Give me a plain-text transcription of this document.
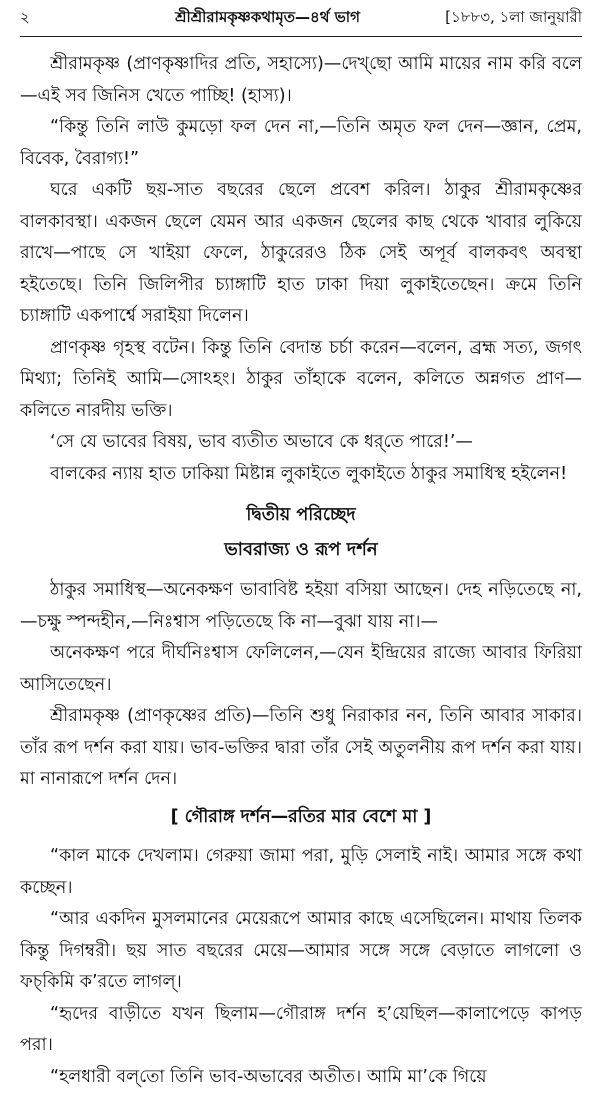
২	শ্রীশ্রীরামকৃষ্ণকথামৃত—৪র্থ ভাগ	[১৮৮৩, ১লা জানুয়ারী

শ্রীরামকৃষ্ণ (প্রাণকৃষ্ণাদির প্রতি, সহাস্যে)—দেখ্‌ছো আমি মায়ের নাম করি বলে—এই সব জিনিস খেতে পাচ্ছি! (হাস্য)।

“কিন্তু তিনি লাউ কুমড়ো ফল দেন না,—তিনি অমৃত ফল দেন—জ্ঞান, প্রেম, বিবেক, বৈরাগ্য!”

ঘরে একটি ছয়-সাত বছরের ছেলে প্রবেশ করিল। ঠাকুর শ্রীরামকৃষ্ণের বালকাবস্থা। একজন ছেলে যেমন আর একজন ছেলের কাছ থেকে খাবার লুকিয়ে রাখে—পাছে সে খাইয়া ফেলে, ঠাকুরেরও ঠিক সেই অপূর্ব বালকবৎ অবস্থা হইতেছে। তিনি জিলিপীর চ্যাঙ্গাটি হাত ঢাকা দিয়া লুকাইতেছেন। ক্রমে তিনি চ্যাঙ্গাটি একপার্শ্বে সরাইয়া দিলেন।

প্রাণকৃষ্ণ গৃহস্থ বটেন। কিন্তু তিনি বেদান্ত চর্চা করেন—বলেন, ব্রহ্ম সত্য, জগৎ মিথ্যা; তিনিই আমি—সোঽহং। ঠাকুর তাঁহাকে বলেন, কলিতে অন্নগত প্রাণ—কলিতে নারদীয় ভক্তি।

‘সে যে ভাবের বিষয়, ভাব ব্যতীত অভাবে কে ধর্‌তে পারে!’—

বালকের ন্যায় হাত ঢাকিয়া মিষ্টান্ন লুকাইতে লুকাইতে ঠাকুর সমাধিস্থ হইলেন!

দ্বিতীয় পরিচ্ছেদ
ভাবরাজ্য ও রূপ দর্শন

ঠাকুর সমাধিস্থ—অনেকক্ষণ ভাবাবিষ্ট হইয়া বসিয়া আছেন। দেহ নড়িতেছে না,—চক্ষু স্পন্দহীন,—নিঃশ্বাস পড়িতেছে কি না—বুঝা যায় না।—

অনেকক্ষণ পরে দীর্ঘনিঃশ্বাস ফেলিলেন,—যেন ইন্দ্রিয়ের রাজ্যে আবার ফিরিয়া আসিতেছেন।

শ্রীরামকৃষ্ণ (প্রাণকৃষ্ণের প্রতি)—তিনি শুধু নিরাকার নন, তিনি আবার সাকার। তাঁর রূপ দর্শন করা যায়। ভাব-ভক্তির দ্বারা তাঁর সেই অতুলনীয় রূপ দর্শন করা যায়। মা নানারূপে দর্শন দেন।

[ গৌরাঙ্গ দর্শন—রতির মার বেশে মা ]

“কাল মাকে দেখলাম। গেরুয়া জামা পরা, মুড়ি সেলাই নাই। আমার সঙ্গে কথা কচ্ছেন।

“আর একদিন মুসলমানের মেয়েরূপে আমার কাছে এসেছিলেন। মাথায় তিলক কিন্তু দিগম্বরী। ছয় সাত বছরের মেয়ে—আমার সঙ্গে সঙ্গে বেড়াতে লাগলো ও ফচ্‌কিমি ক’রতে লাগল্‌।

“হৃদের বাড়ীতে যখন ছিলাম—গৌরাঙ্গ দর্শন হ’য়েছিল—কালাপেড়ে কাপড় পরা।

“হলধারী বল্‌তো তিনি ভাব-অভাবের অতীত। আমি মা’কে গিয়ে
